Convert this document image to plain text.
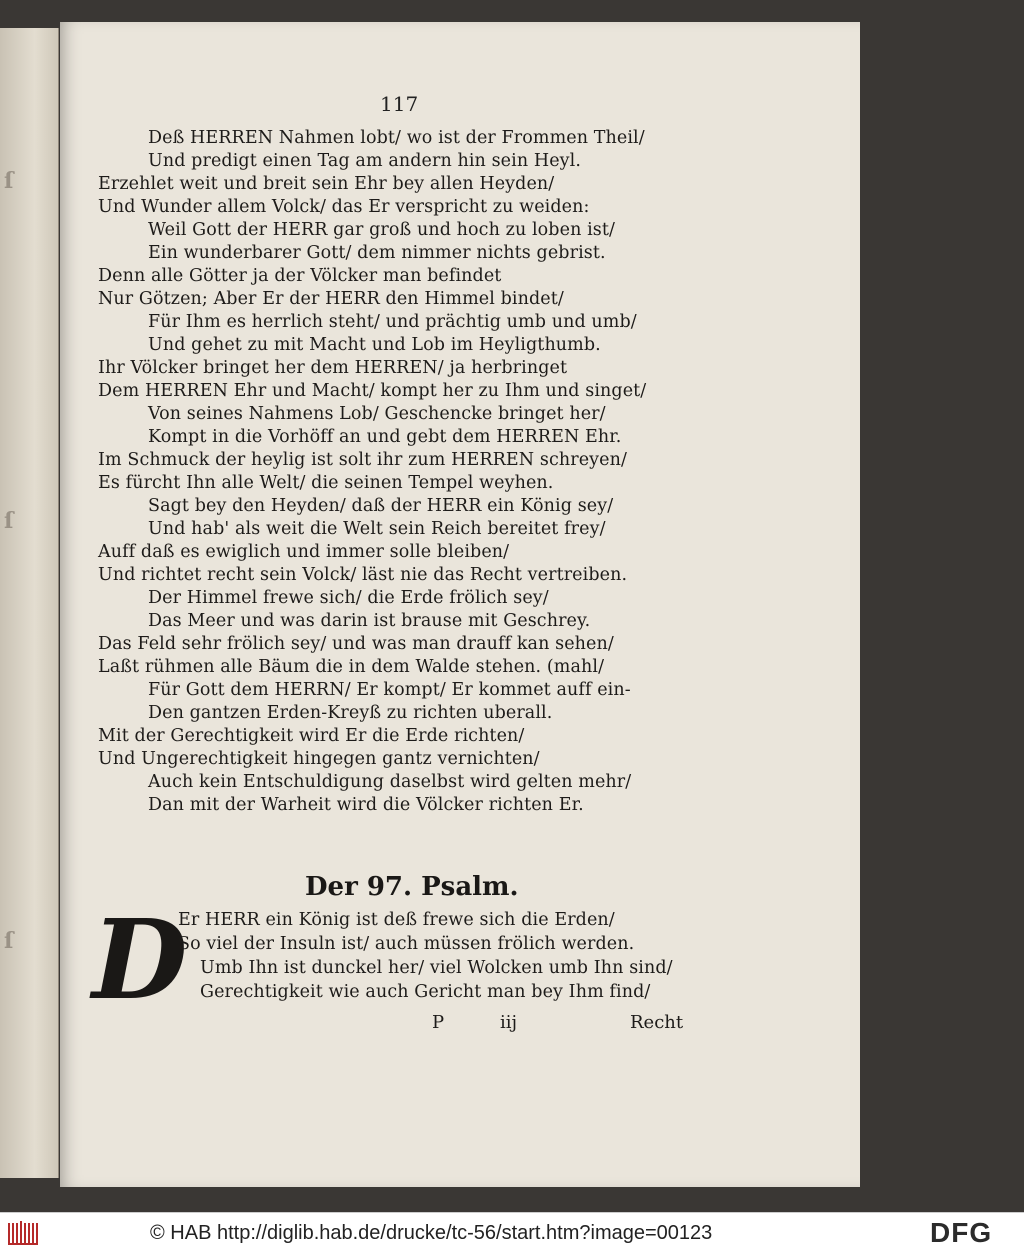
ſ
ſ
ſ
117
Deß HERREN Nahmen lobt/ wo ist der Frommen Theil/
Und predigt einen Tag am andern hin sein Heyl.
Erzehlet weit und breit sein Ehr bey allen Heyden/
Und Wunder allem Volck/ das Er verspricht zu weiden:
Weil Gott der HERR gar groß und hoch zu loben ist/
Ein wunderbarer Gott/ dem nimmer nichts gebrist.
Denn alle Götter ja der Völcker man befindet
Nur Götzen; Aber Er der HERR den Himmel bindet/
Für Ihm es herrlich steht/ und prächtig umb und umb/
Und gehet zu mit Macht und Lob im Heyligthumb.
Ihr Völcker bringet her dem HERREN/ ja herbringet
Dem HERREN Ehr und Macht/ kompt her zu Ihm und singet/
Von seines Nahmens Lob/ Geschencke bringet her/
Kompt in die Vorhöff an und gebt dem HERREN Ehr.
Im Schmuck der heylig ist solt ihr zum HERREN schreyen/
Es fürcht Ihn alle Welt/ die seinen Tempel weyhen.
Sagt bey den Heyden/ daß der HERR ein König sey/
Und hab' als weit die Welt sein Reich bereitet frey/
Auff daß es ewiglich und immer solle bleiben/
Und richtet recht sein Volck/ läst nie das Recht vertreiben.
Der Himmel frewe sich/ die Erde frölich sey/
Das Meer und was darin ist brause mit Geschrey.
Das Feld sehr frölich sey/ und was man drauff kan sehen/
Laßt rühmen alle Bäum die in dem Walde stehen. (mahl/
Für Gott dem HERRN/ Er kompt/ Er kommet auff ein-
Den gantzen Erden-Kreyß zu richten uberall.
Mit der Gerechtigkeit wird Er die Erde richten/
Und Ungerechtigkeit hingegen gantz vernichten/
Auch kein Entschuldigung daselbst wird gelten mehr/
Dan mit der Warheit wird die Völcker richten Er.
Der 97. Psalm.
D
Er HERR ein König ist deß frewe sich die Erden/
So viel der Insuln ist/ auch müssen frölich werden.
Umb Ihn ist dunckel her/ viel Wolcken umb Ihn sind/
Gerechtigkeit wie auch Gericht man bey Ihm find/
P	iij	Recht
© HAB http://diglib.hab.de/drucke/tc-56/start.htm?image=00123	DFG
